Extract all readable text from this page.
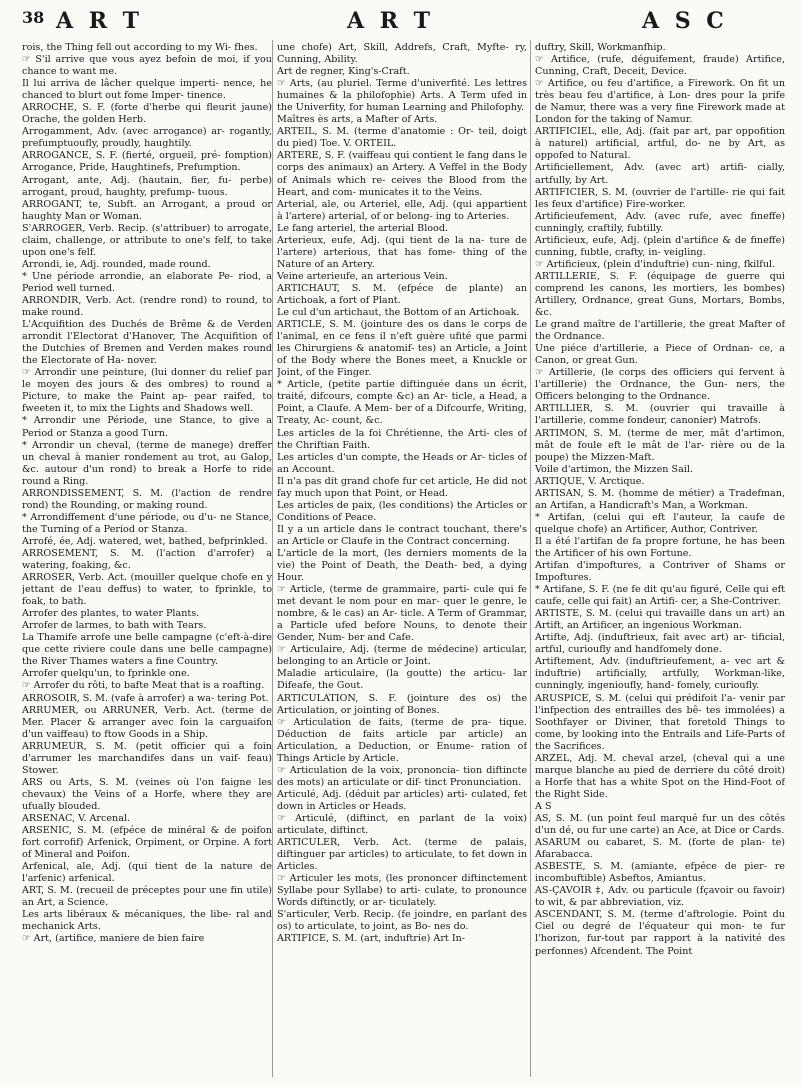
38 A R T	A R T	A S C

rois, the Thing fell out according to my Wi- fhes.

☞ S'il arrive que vous ayez befoin de moi, if you chance to want me.

Il lui arriva de lâcher quelque imperti- nence, he chanced to blurt out fome Imper- tinence.

ARROCHE, S. F. (forte d'herbe qui fleurit jaune) Orache, the golden Herb.

Arrogamment, Adv. (avec arrogance) ar- rogantly, prefumptuoufly, proudly, haughtily.

ARROGANCE, S. F. (fierté, orgueil, pré- fomption) Arrogance, Pride, Haughtinefs, Prefumption.

Arrogant, ante, Adj. (hautain, fier, fu- perbe) arrogant, proud, haughty, prefump- tuous.

ARROGANT, te, Subft. an Arrogant, a proud or haughty Man or Woman.

S'ARROGER, Verb. Recip. (s'attribuer) to arrogate, claim, challenge, or attribute to one's felf, to take upon one's felf.

Arrondi, ie, Adj. rounded, made round.

* Une période arrondie, an elaborate Pe- riod, a Period well turned.

ARRONDIR, Verb. Act. (rendre rond) to round, to make round.

L'Acquifition des Duchés de Brême & de Verden arrondit l'Electorat d'Hanover, The Acquifition of the Dutchies of Bremen and Verden makes round the Electorate of Ha- nover.

☞ Arrondir une peinture, (lui donner du relief par le moyen des jours & des ombres) to round a Picture, to make the Paint ap- pear raifed, to fweeten it, to mix the Lights and Shadows well.

* Arrondir une Période, une Stance, to give a Period or Stanza a good Turn.

* Arrondir un cheval, (terme de manege) dreffer un cheval à manier rondement au trot, au Galop, &c. autour d'un rond) to break a Horfe to ride round a Ring.

ARRONDISSEMENT, S. M. (l'action de rendre rond) the Rounding, or making round.

* Arrondiffement d'une période, ou d'u- ne Stance, the Turning of a Period or Stanza.

Arrofé, ée, Adj. watered, wet, bathed, befprinkled.

ARROSEMENT, S. M. (l'action d'arrofer) a watering, foaking, &c.

ARROSER, Verb. Act. (mouiller quelque chofe en y jettant de l'eau deffus) to water, to fprinkle, to foak, to bath.

Arrofer des plantes, to water Plants.

Arrofer de larmes, to bath with Tears.

La Thamife arrofe une belle campagne (c'eft-à-dire que cette riviere coule dans une belle campagne) the River Thames waters a fine Country.

Arrofer quelqu'un, to fprinkle one.

☞ Arrofer du rôti, to bafte Meat that is a roafting.

ARROSOIR, S. M. (vafe à arrofer) a wa- tering Pot.

ARRUMER, ou ARRUNER, Verb. Act. (terme de Mer. Placer & arranger avec foin la carguaifon d'un vaiffeau) to ftow Goods in a Ship.

ARRUMEUR, S. M. (petit officier qui a foin d'arrumer les marchandifes dans un vaif- feau) Stower.

ARS ou Arts, S. M. (veines où l'on faigne les chevaux) the Veins of a Horfe, where they are ufually blouded.

ARSENAC, V. Arcenal.

ARSENIC, S. M. (efpéce de minéral & de poifon fort corrofif) Arfenick, Orpiment, or Orpine. A fort of Mineral and Poifon.

Arfenical, ale, Adj. (qui tient de la nature de l'arfenic) arfenical.

ART, S. M. (recueil de préceptes pour une fin utile) an Art, a Science.

Les arts libéraux & mécaniques, the libe- ral and mechanick Arts.

☞ Art, (artifice, maniere de bien faire

une chofe) Art, Skill, Addrefs, Craft, Myfte- ry, Cunning, Ability.

Art de regner, King's-Craft.

☞ Arts, (au pluriel. Terme d'univerfité. Les lettres humaines & la philofophie) Arts. A Term ufed in the Univerfity, for human Learning and Philofophy.

Maîtres ès arts, a Mafter of Arts.

ARTEIL, S. M. (terme d'anatomie : Or- teil, doigt du pied) Toe. V. ORTEIL.

ARTERE, S. F. (vaiffeau qui contient le fang dans le corps des animaux) an Artery. A Veffel in the Body of Animals which re- ceives the Blood from the Heart, and com- municates it to the Veins.

Arterial, ale, ou Arteriel, elle, Adj. (qui appartient à l'artere) arterial, of or belong- ing to Arteries.

Le fang arteriel, the arterial Blood.

Arterieux, eufe, Adj. (qui tient de la na- ture de l'artere) arterious, that has fome- thing of the Nature of an Artery.

Veine arterieufe, an arterious Vein.

ARTICHAUT, S. M. (efpéce de plante) an Artichoak, a fort of Plant.

Le cul d'un artichaut, the Bottom of an Artichoak.

ARTICLE, S. M. (jointure des os dans le corps de l'animal, en ce fens il n'eft guère ufité que parmi les Chirurgiens & anatomif- tes) an Article, a Joint of the Body where the Bones meet, a Knuckle or Joint, of the Finger.

* Article, (petite partie diftinguée dans un écrit, traité, difcours, compte &c) an Ar- ticle, a Head, a Point, a Claufe. A Mem- ber of a Difcourfe, Writing, Treaty, Ac- count, &c.

Les articles de la foi Chrétienne, the Arti- cles of the Chriftian Faith.

Les articles d'un compte, the Heads or Ar- ticles of an Account.

Il n'a pas dit grand chofe fur cet article, He did not fay much upon that Point, or Head.

Les articles de paix, (les conditions) the Articles or Conditions of Peace.

Il y a un article dans le contract touchant, there's an Article or Claufe in the Contract concerning.

L'article de la mort, (les derniers moments de la vie) the Point of Death, the Death- bed, a dying Hour.

☞ Article, (terme de grammaire, parti- cule qui fe met devant le nom pour en mar- quer le genre, le nombre, & le cas) an Ar- ticle. A Term of Grammar, a Particle ufed before Nouns, to denote their Gender, Num- ber and Cafe.

☞ Articulaire, Adj. (terme de médecine) articular, belonging to an Article or Joint.

Maladie articulaire, (la goutte) the articu- lar Difeafe, the Gout.

ARTICULATION, S. F. (jointure des os) the Articulation, or jointing of Bones.

☞ Articulation de faits, (terme de pra- tique. Déduction de faits article par article) an Articulation, a Deduction, or Enume- ration of Things Article by Article.

☞ Articulation de la voix, prononcia- tion diftincte des mots) an articulate or dif- tinct Pronunciation.

Articulé, Adj. (déduit par articles) arti- culated, fet down in Articles or Heads.

☞ Articulé, (diftinct, en parlant de la voix) articulate, diftinct.

ARTICULER, Verb. Act. (terme de palais, diftinguer par articles) to articulate, to fet down in Articles.

☞ Articuler les mots, (les prononcer diftinctement Syllabe pour Syllabe) to arti- culate, to pronounce Words diftinctly, or ar- ticulately.

S'articuler, Verb. Recip. (fe joindre, en parlant des os) to articulate, to joint, as Bo- nes do.

ARTIFICE, S. M. (art, induftrie) Art In-

duftry, Skill, Workmanfhip.

☞ Artifice, (rufe, déguifement, fraude) Artifice, Cunning, Craft, Deceit, Device.

☞ Artifice, ou feu d'artifice, a Firework. On fit un très beau feu d'artifice, à Lon- dres pour la prife de Namur, there was a very fine Firework made at London for the taking of Namur.

ARTIFICIEL, elle, Adj. (fait par art, par oppofition à naturel) artificial, artful, do- ne by Art, as oppofed to Natural.

Artificiellement, Adv. (avec art) artifi- cially, artfully, by Art.

ARTIFICIER, S. M. (ouvrier de l'artille- rie qui fait les feux d'artifice) Fire-worker.

Artificieufement, Adv. (avec rufe, avec fineffe) cunningly, craftily, fubtilly.

Artificieux, eufe, Adj. (plein d'artifice & de fineffe) cunning, fubtle, crafty, in- veigling.

☞ Artificieux, (plein d'induftrie) cun- ning, fkilful.

ARTILLERIE, S. F. (équipage de guerre qui comprend les canons, les mortiers, les bombes) Artillery, Ordnance, great Guns, Mortars, Bombs, &c.

Le grand maître de l'artillerie, the great Mafter of the Ordnance.

Une piéce d'artillerie, a Piece of Ordnan- ce, a Canon, or great Gun.

☞ Artillerie, (le corps des officiers qui fervent à l'artillerie) the Ordnance, the Gun- ners, the Officers belonging to the Ordnance.

ARTILLIER, S. M. (ouvrier qui travaille à l'artillerie, comme fondeur, canonier) Matrofs.

ARTIMON, S. M. (terme de mer, mât d'artimon, mât de foule eft le mât de l'ar- rière ou de la poupe) the Mizzen-Maft.

Voile d'artimon, the Mizzen Sail.

ARTIQUE, V. Arctique.

ARTISAN, S. M. (homme de métier) a Tradefman, an Artifan, a Handicraft's Man, a Workman.

* Artifan, (celui qui eft l'auteur, la caufe de quelque chofe) an Artificer, Author, Contriver.

Il a été l'artifan de fa propre fortune, he has been the Artificer of his own Fortune.

Artifan d'impoftures, a Contriver of Shams or Impoftures.

* Artifane, S. F. (ne fe dit qu'au figuré, Celle qui eft caufe, celle qui fait) an Artifi- cer, a She-Contriver.

ARTISTE, S. M. (celui qui travaille dans un art) an Artift, an Artificer, an ingenious Workman.

Artifte, Adj. (induftrieux, fait avec art) ar- tificial, artful, curioufly and handfomely done.

Artiftement, Adv. (induftrieufement, a- vec art & induftrie) artificially, artfully, Workman-like, cunningly, ingenioufly, hand- fomely, curioufly.

ARUSPICE, S. M. (celui qui prédifoit l'a- venir par l'infpection des entrailles des bê- tes immolées) a Soothfayer or Diviner, that foretold Things to come, by looking into the Entrails and Life-Parts of the Sacrifices.

ARZEL, Adj. M. cheval arzel, (cheval qui a une marque blanche au pied de derriere du côté droit) a Horfe that has a white Spot on the Hind-Foot of the Right Side.

A S

AS, S. M. (un point feul marqué fur un des côtés d'un dé, ou fur une carte) an Ace, at Dice or Cards.

ASARUM ou cabaret, S. M. (forte de plan- te) Afarabacca.

ASBESTE, S. M. (amiante, efpéce de pier- re incombuftible) Asbeftos, Amiantus.

AS-ÇAVOIR ‡, Adv. ou particule (fçavoir ou favoir) to wit, & par abbreviation, viz.

ASCENDANT, S. M. (terme d'aftrologie. Point du Ciel ou degré de l'équateur qui mon- te fur l'horizon, fur-tout par rapport à la nativité des perfonnes) Afcendent. The Point
